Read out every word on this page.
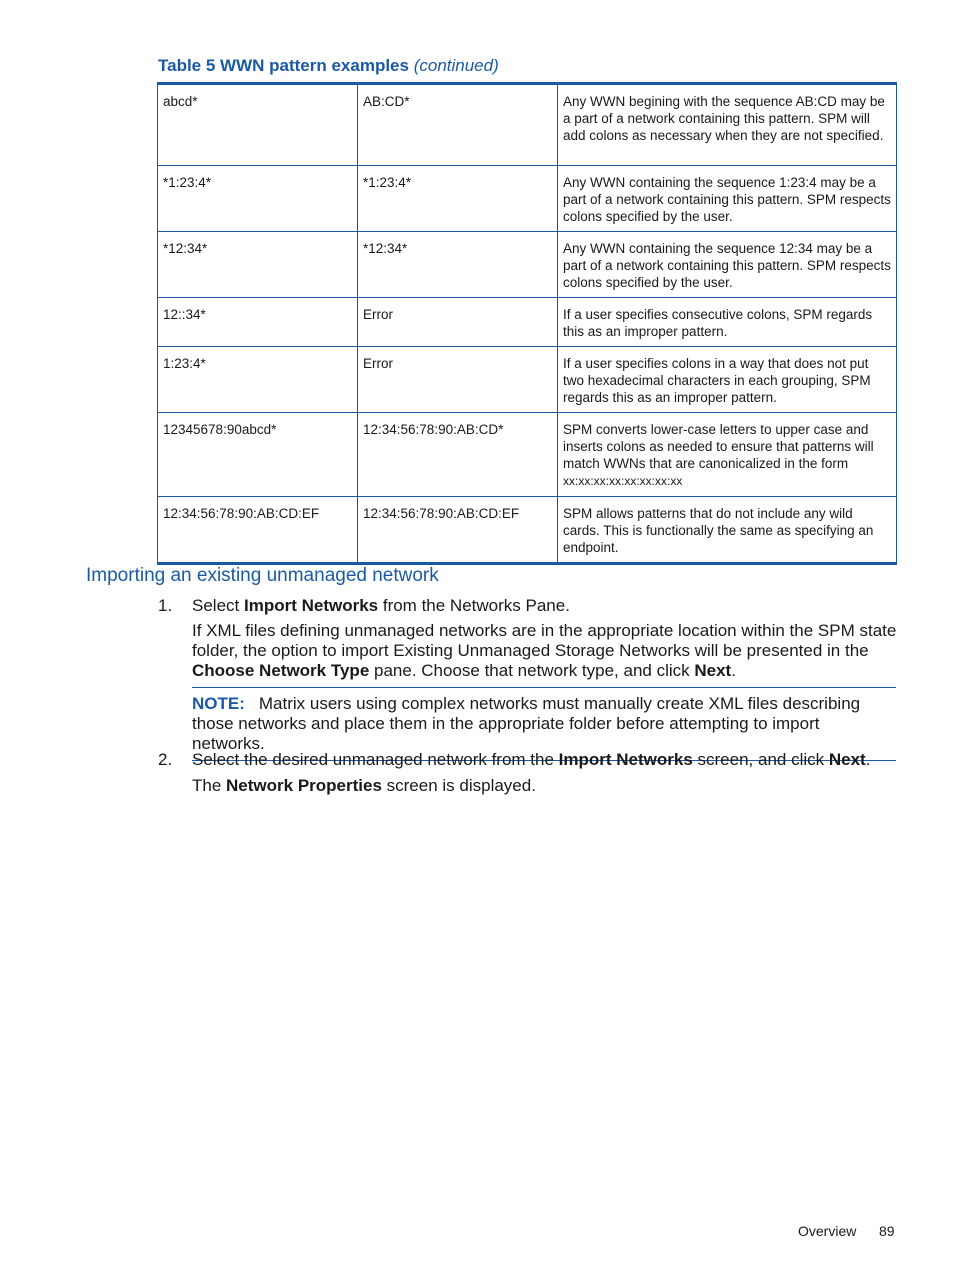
Table 5 WWN pattern examples (continued)
abcd*	AB:CD*	Any WWN begining with the sequence AB:CD may be a part of a network containing this pattern. SPM will add colons as necessary when they are not specified.
*1:23:4*	*1:23:4*	Any WWN containing the sequence 1:23:4 may be a part of a network containing this pattern. SPM respects colons specified by the user.
*12:34*	*12:34*	Any WWN containing the sequence 12:34 may be a part of a network containing this pattern. SPM respects colons specified by the user.
12::34*	Error	If a user specifies consecutive colons, SPM regards this as an improper pattern.
1:23:4*	Error	If a user specifies colons in a way that does not put two hexadecimal characters in each grouping, SPM regards this as an improper pattern.
12345678:90abcd*	12:34:56:78:90:AB:CD*	SPM converts lower-case letters to upper case and inserts colons as needed to ensure that patterns will match WWNs that are canonicalized in the form xx:xx:xx:xx:xx:xx:xx:xx
12:34:56:78:90:AB:CD:EF	12:34:56:78:90:AB:CD:EF	SPM allows patterns that do not include any wild cards. This is functionally the same as specifying an endpoint.
Importing an existing unmanaged network
1. Select Import Networks from the Networks Pane.
If XML files defining unmanaged networks are in the appropriate location within the SPM state folder, the option to import Existing Unmanaged Storage Networks will be presented in the Choose Network Type pane. Choose that network type, and click Next.
NOTE: Matrix users using complex networks must manually create XML files describing those networks and place them in the appropriate folder before attempting to import networks.
2. Select the desired unmanaged network from the Import Networks screen, and click Next.
The Network Properties screen is displayed.
Overview 89
